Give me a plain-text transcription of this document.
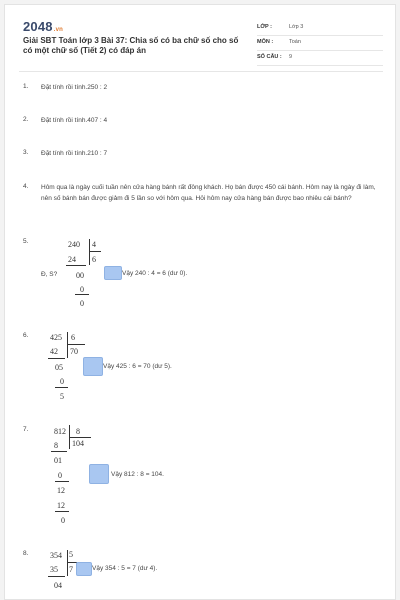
2048.vn
Giải SBT Toán lớp 3 Bài 37: Chia số có ba chữ số cho số có một chữ số (Tiết 2) có đáp án
LỚP :	Lớp 3
MÔN :	Toán
SỐ CÂU : 9
1. Đặt tính rồi tính.250 : 2
2. Đặt tính rồi tính.407 : 4
3. Đặt tính rồi tính.210 : 7
4. Hôm qua là ngày cuối tuần nên cửa hàng bánh rất đông khách. Họ bán được 450 cái bánh. Hôm nay là ngày đi làm, nên số bánh bán được giảm đi 5 lần so với hôm qua. Hỏi hôm nay cửa hàng bán được bao nhiêu cái bánh?
5.	240 4
24 6
00
0
0
Đ, S?	Vậy 240 : 4 = 6 (dư 0).
6.	425 6
42 70
05
0
5
Vậy 425 : 6 = 70 (dư 5).
7.	812 8
8 104
01
0
12
12
0
Vậy 812 : 8 = 104.
8.	354 5
35 7
04
Vậy 354 : 5 = 7 (dư 4).
